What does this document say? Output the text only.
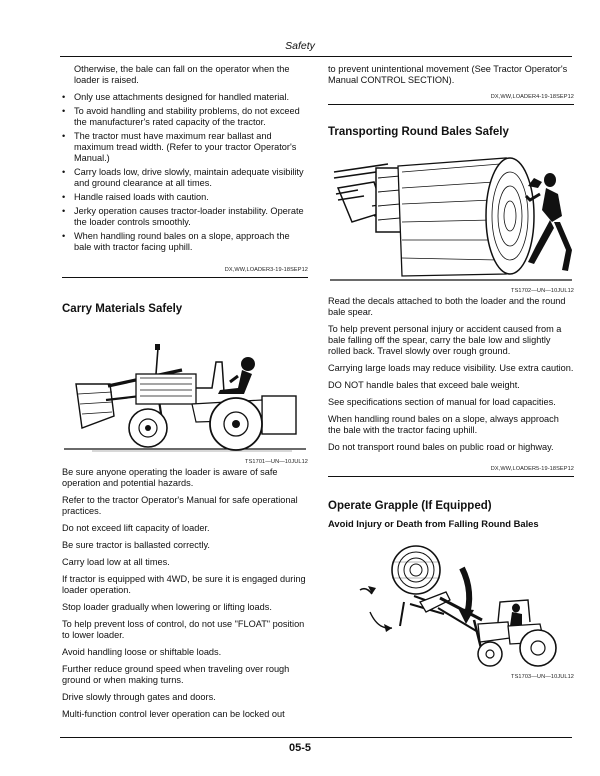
Safety

Otherwise, the bale can fall on the operator when the loader is raised.

• Only use attachments designed for handled material.
• To avoid handling and stability problems, do not exceed the manufacturer's rated capacity of the tractor.
• The tractor must have maximum rear ballast and maximum tread width. (Refer to your tractor Operator's Manual.)
• Carry loads low, drive slowly, maintain adequate visibility and ground clearance at all times.
• Handle raised loads with caution.
• Jerky operation causes tractor-loader instability. Operate the loader controls smoothly.
• When handling round bales on a slope, approach the bale with tractor facing uphill.
DX,WW,LOADER3-19-18SEP12
Carry Materials Safely
TS1701—UN—10JUL12

Be sure anyone operating the loader is aware of safe operation and potential hazards.

Refer to the tractor Operator's Manual for safe operational practices.

Do not exceed lift capacity of loader.

Be sure tractor is ballasted correctly.

Carry load low at all times.

If tractor is equipped with 4WD, be sure it is engaged during loader operation.

Stop loader gradually when lowering or lifting loads.

To help prevent loss of control, do not use "FLOAT" position to lower loader.

Avoid handling loose or shiftable loads.

Further reduce ground speed when traveling over rough ground or when making turns.

Drive slowly through gates and doors.

Multi-function control lever operation can be locked out

to prevent unintentional movement (See Tractor Operator's Manual CONTROL SECTION).

DX,WW,LOADER4-19-18SEP12
Transporting Round Bales Safely
TS1702—UN—10JUL12

Read the decals attached to both the loader and the round bale spear.

To help prevent personal injury or accident caused from a bale falling off the spear, carry the bale low and slightly rolled back. Travel slowly over rough ground.

Carrying large loads may reduce visibility. Use extra caution.

DO NOT handle bales that exceed bale weight.

See specifications section of manual for load capacities.

When handling round bales on a slope, always approach the bale with the tractor facing uphill.

Do not transport round bales on public road or highway.

DX,WW,LOADER5-19-18SEP12
Operate Grapple (If Equipped)
Avoid Injury or Death from Falling Round Bales
TS1703—UN—10JUL12
05-5
